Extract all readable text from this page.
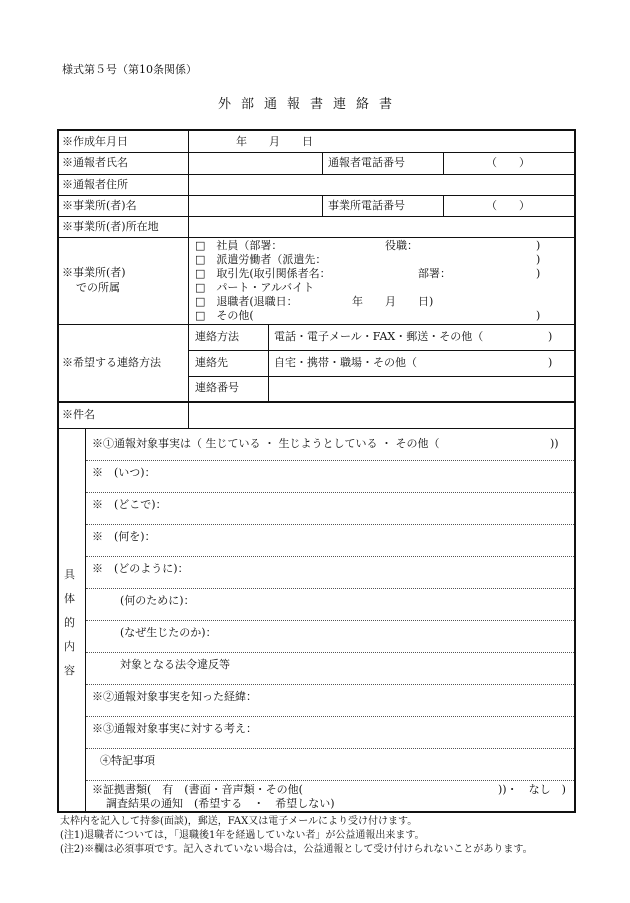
様式第５号（第10条関係）
外部通報書連絡書
※作成年月日	年　　月　　日
※通報者氏名	通報者電話番号	（　　）
※通報者住所
※事業所(者)名	事業所電話番号	（　　）
※事業所(者)所在地
※事業所(者)
での所属
□　社員（部署：	役職：	)
□　派遣労働者（派遣先：	)
□　取引先(取引関係者名：	部署：	)
□　パート・アルバイト
□　退職者(退職日：	年　　月　　日)
□　その他(	)
※希望する連絡方法
連絡方法	電話・電子メール・FAX・郵送・その他（	)
連絡先	自宅・携帯・職場・その他（	)
連絡番号
※件名
具
体
的
内
容
※①通報対象事実は（ 生じている ・ 生じようとしている ・ その他（	))
※　(いつ)：
※　(どこで)：
※　(何を)：
※　(どのように)：
(何のために)：
(なぜ生じたのか)：
対象となる法令違反等
※②通報対象事実を知った経緯：
※③通報対象事実に対する考え：
④特記事項
※証拠書類(　有　(書面・音声類・その他(	))・　なし　)
調査結果の通知　(希望する　・　希望しない)
太枠内を記入して持参(面談)，郵送，FAX又は電子メールにより受け付けます。
(注1)退職者については，「退職後1年を経過していない者」が公益通報出来ます。
(注2)※欄は必須事項です。記入されていない場合は，公益通報として受け付けられないことがあります。
